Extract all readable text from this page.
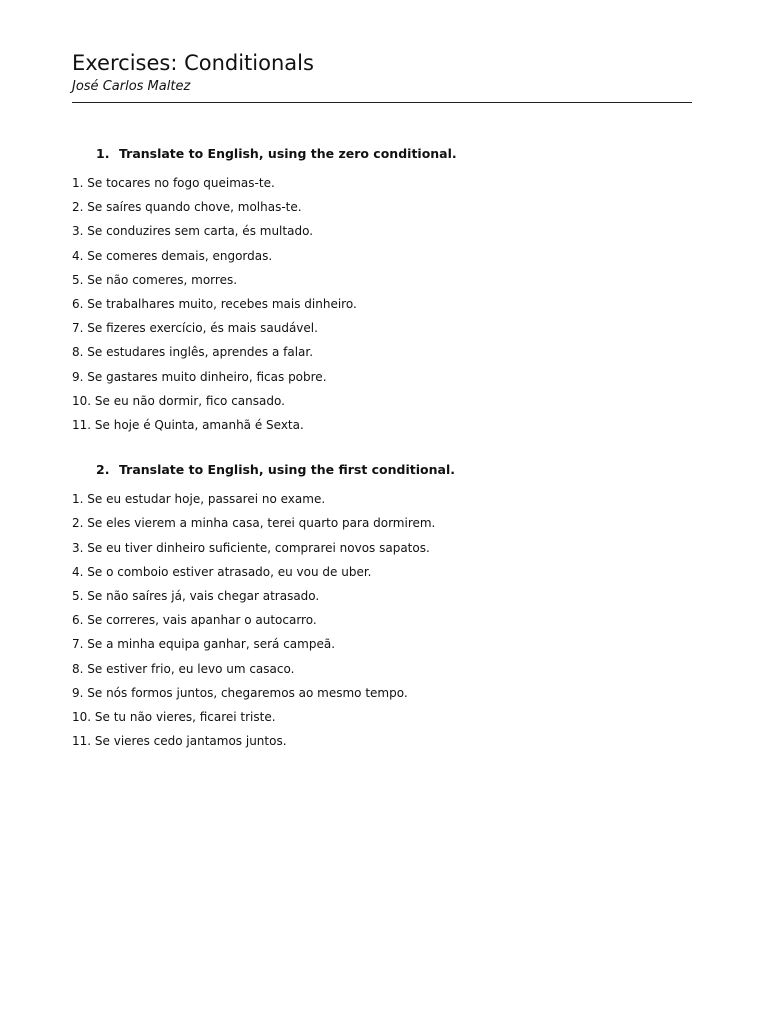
Exercises: Conditionals

José Carlos Maltez

1. Translate to English, using the zero conditional.
1. Se tocares no fogo queimas-te.
2. Se saíres quando chove, molhas-te.
3. Se conduzires sem carta, és multado.
4. Se comeres demais, engordas.
5. Se não comeres, morres.
6. Se trabalhares muito, recebes mais dinheiro.
7. Se fizeres exercício, és mais saudável.
8. Se estudares inglês, aprendes a falar.
9. Se gastares muito dinheiro, ficas pobre.
10. Se eu não dormir, fico cansado.
11. Se hoje é Quinta, amanhã é Sexta.
2. Translate to English, using the first conditional.
1. Se eu estudar hoje, passarei no exame.
2. Se eles vierem a minha casa, terei quarto para dormirem.
3. Se eu tiver dinheiro suficiente, comprarei novos sapatos.
4. Se o comboio estiver atrasado, eu vou de uber.
5. Se não saíres já, vais chegar atrasado.
6. Se correres, vais apanhar o autocarro.
7. Se a minha equipa ganhar, será campeã.
8. Se estiver frio, eu levo um casaco.
9. Se nós formos juntos, chegaremos ao mesmo tempo.
10. Se tu não vieres, ficarei triste.
11. Se vieres cedo jantamos juntos.
